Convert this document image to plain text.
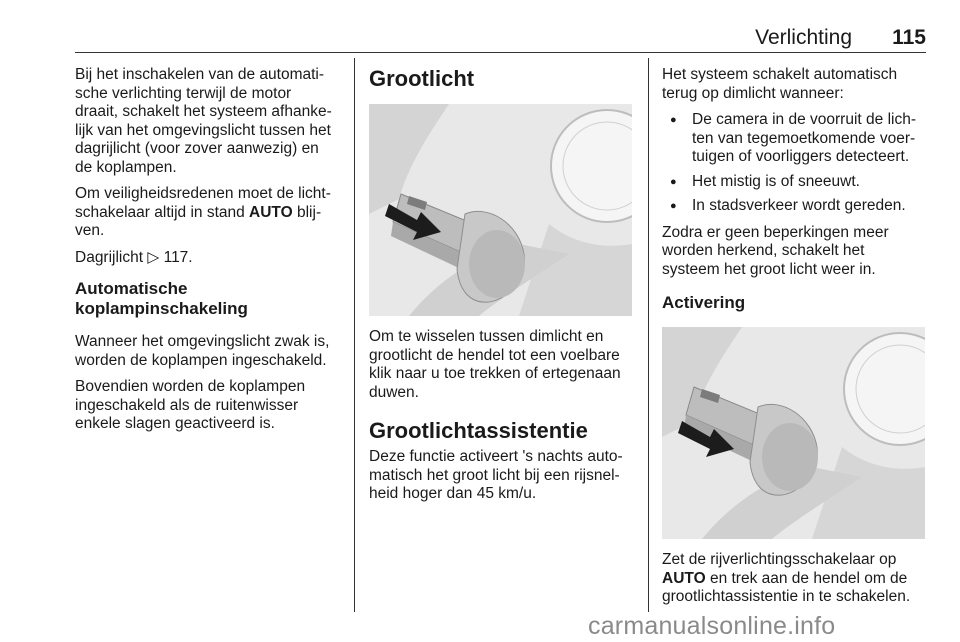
Verlichting	115

Bij het inschakelen van de automati-
sche verlichting terwijl de motor
draait, schakelt het systeem afhanke-
lijk van het omgevingslicht tussen het
dagrijlicht (voor zover aanwezig) en
de koplampen.

Om veiligheidsredenen moet de licht-
schakelaar altijd in stand AUTO blij-
ven.

Dagrijlicht ▷ 117.

Automatische
koplampinschakeling

Wanneer het omgevingslicht zwak is,
worden de koplampen ingeschakeld.

Bovendien worden de koplampen
ingeschakeld als de ruitenwisser
enkele slagen geactiveerd is.

Grootlicht

Om te wisselen tussen dimlicht en
grootlicht de hendel tot een voelbare
klik naar u toe trekken of ertegenaan
duwen.

Grootlichtassistentie

Deze functie activeert 's nachts auto-
matisch het groot licht bij een rijsnel-
heid hoger dan 45 km/u.

Het systeem schakelt automatisch
terug op dimlicht wanneer:

● De camera in de voorruit de lich-
ten van tegemoetkomende voer-
tuigen of voorliggers detecteert.
● Het mistig is of sneeuwt.
● In stadsverkeer wordt gereden.

Zodra er geen beperkingen meer
worden herkend, schakelt het
systeem het groot licht weer in.

Activering

Zet de rijverlichtingsschakelaar op
AUTO en trek aan de hendel om de
grootlichtassistentie in te schakelen.

carmanualsonline.info
